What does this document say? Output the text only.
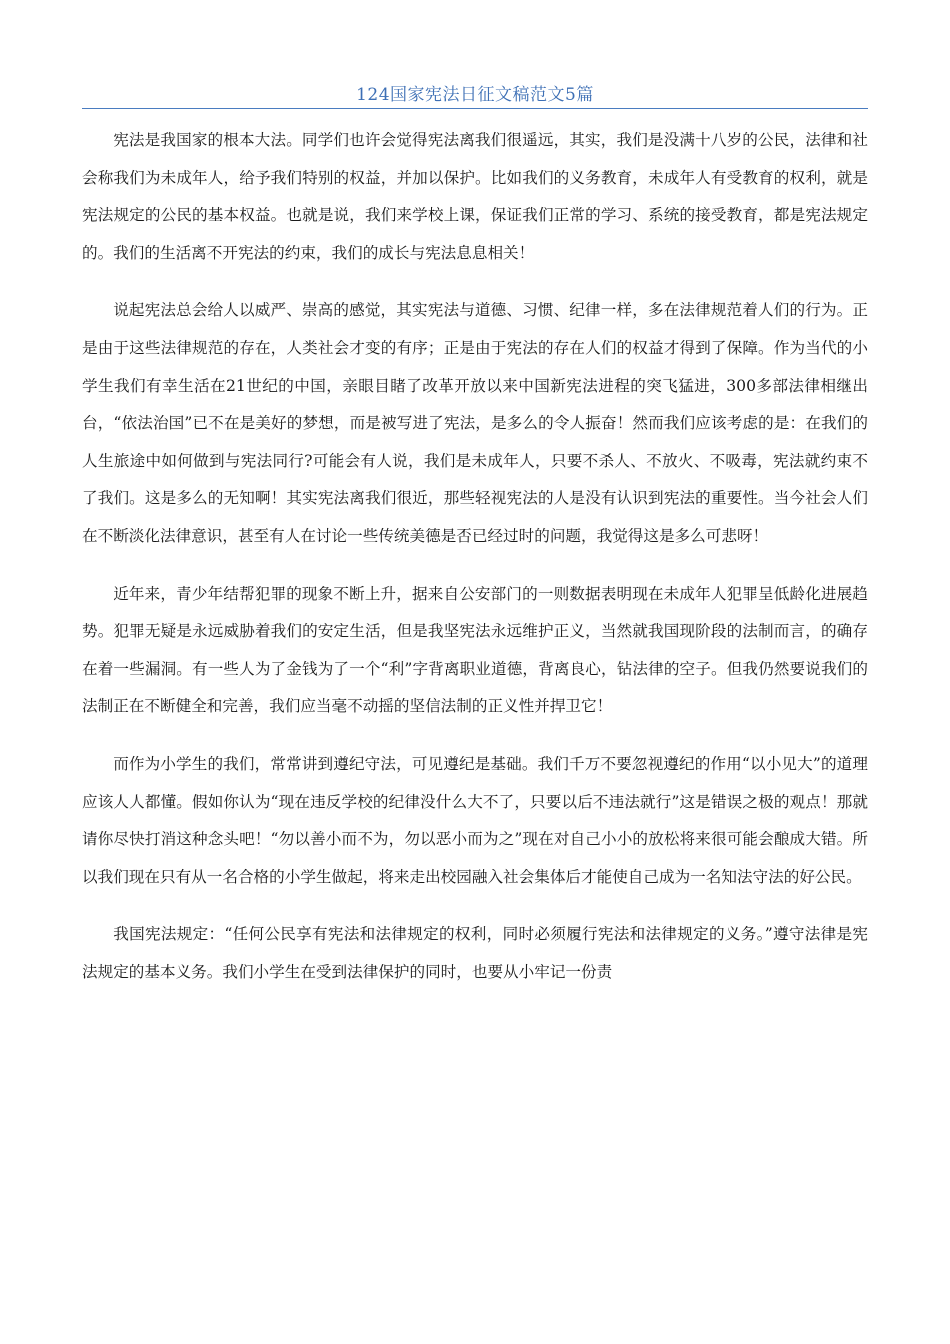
124国家宪法日征文稿范文5篇

宪法是我国家的根本大法。同学们也许会觉得宪法离我们很遥远，其实，我们是没满十八岁的公民，法律和社会称我们为未成年人，给予我们特别的权益，并加以保护。比如我们的义务教育，未成年人有受教育的权利，就是宪法规定的公民的基本权益。也就是说，我们来学校上课，保证我们正常的学习、系统的接受教育，都是宪法规定的。我们的生活离不开宪法的约束，我们的成长与宪法息息相关！

说起宪法总会给人以威严、崇高的感觉，其实宪法与道德、习惯、纪律一样，多在法律规范着人们的行为。正是由于这些法律规范的存在，人类社会才变的有序；正是由于宪法的存在人们的权益才得到了保障。作为当代的小学生我们有幸生活在21世纪的中国，亲眼目睹了改革开放以来中国新宪法进程的突飞猛进，300多部法律相继出台，“依法治国”已不在是美好的梦想，而是被写进了宪法，是多么的令人振奋！然而我们应该考虑的是：在我们的人生旅途中如何做到与宪法同行?可能会有人说，我们是未成年人，只要不杀人、不放火、不吸毒，宪法就约束不了我们。这是多么的无知啊！其实宪法离我们很近，那些轻视宪法的人是没有认识到宪法的重要性。当今社会人们在不断淡化法律意识，甚至有人在讨论一些传统美德是否已经过时的问题，我觉得这是多么可悲呀！

近年来，青少年结帮犯罪的现象不断上升，据来自公安部门的一则数据表明现在未成年人犯罪呈低龄化进展趋势。犯罪无疑是永远威胁着我们的安定生活，但是我坚宪法永远维护正义，当然就我国现阶段的法制而言，的确存在着一些漏洞。有一些人为了金钱为了一个“利”字背离职业道德，背离良心，钻法律的空子。但我仍然要说我们的法制正在不断健全和完善，我们应当毫不动摇的坚信法制的正义性并捍卫它！

而作为小学生的我们，常常讲到遵纪守法，可见遵纪是基础。我们千万不要忽视遵纪的作用“以小见大”的道理应该人人都懂。假如你认为“现在违反学校的纪律没什么大不了，只要以后不违法就行”这是错误之极的观点！那就请你尽快打消这种念头吧！“勿以善小而不为，勿以恶小而为之”现在对自己小小的放松将来很可能会酿成大错。所以我们现在只有从一名合格的小学生做起，将来走出校园融入社会集体后才能使自己成为一名知法守法的好公民。

我国宪法规定：“任何公民享有宪法和法律规定的权利，同时必须履行宪法和法律规定的义务。”遵守法律是宪法规定的基本义务。我们小学生在受到法律保护的同时，也要从小牢记一份责
